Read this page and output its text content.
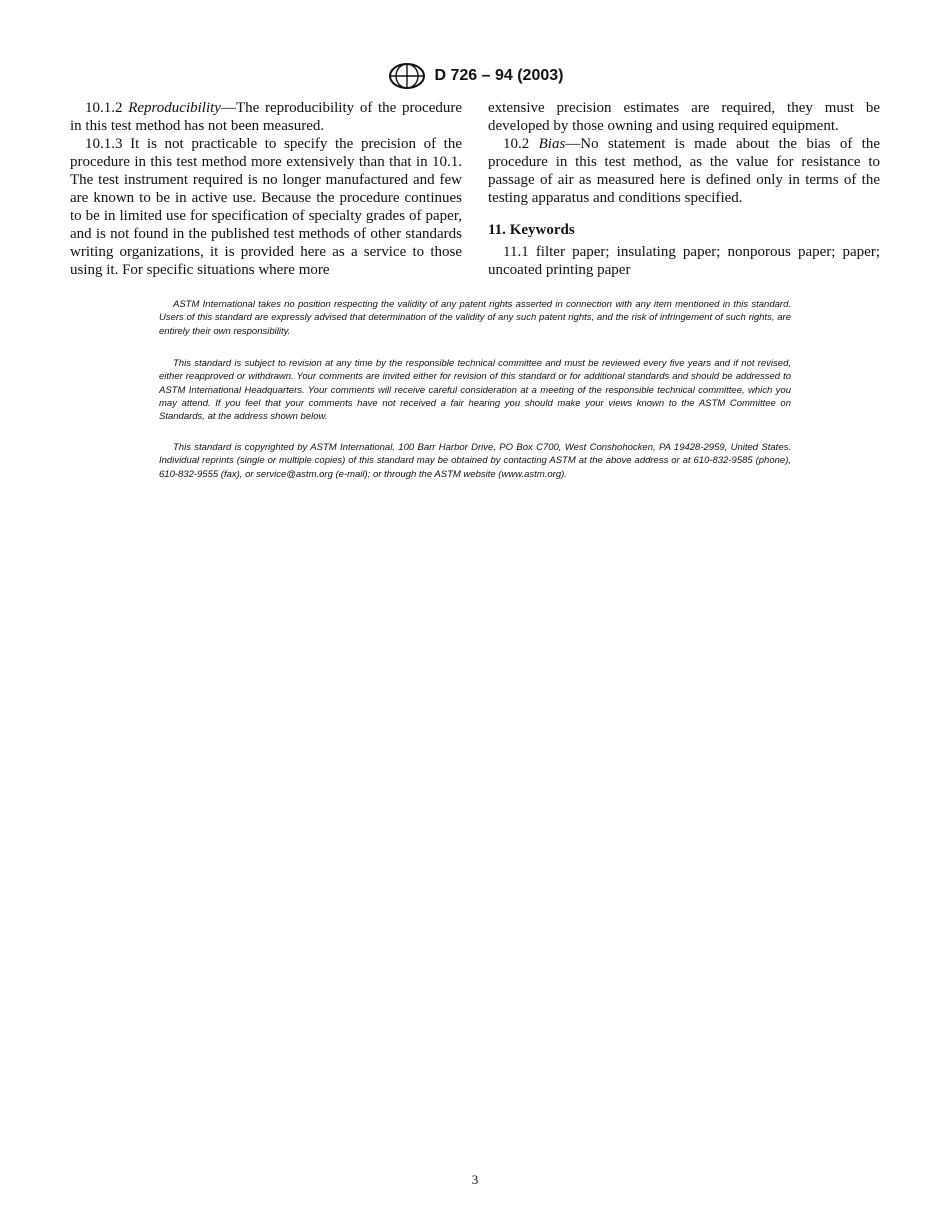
D 726 – 94 (2003)

10.1.2 Reproducibility—The reproducibility of the procedure in this test method has not been measured.

10.1.3 It is not practicable to specify the precision of the procedure in this test method more extensively than that in 10.1. The test instrument required is no longer manufactured and few are known to be in active use. Because the procedure continues to be in limited use for specification of specialty grades of paper, and is not found in the published test methods of other standards writing organizations, it is provided here as a service to those using it. For specific situations where more

extensive precision estimates are required, they must be developed by those owning and using required equipment.

10.2 Bias—No statement is made about the bias of the procedure in this test method, as the value for resistance to passage of air as measured here is defined only in terms of the testing apparatus and conditions specified.

11. Keywords

11.1 filter paper; insulating paper; nonporous paper; paper; uncoated printing paper

ASTM International takes no position respecting the validity of any patent rights asserted in connection with any item mentioned in this standard. Users of this standard are expressly advised that determination of the validity of any such patent rights, and the risk of infringement of such rights, are entirely their own responsibility.

This standard is subject to revision at any time by the responsible technical committee and must be reviewed every five years and if not revised, either reapproved or withdrawn. Your comments are invited either for revision of this standard or for additional standards and should be addressed to ASTM International Headquarters. Your comments will receive careful consideration at a meeting of the responsible technical committee, which you may attend. If you feel that your comments have not received a fair hearing you should make your views known to the ASTM Committee on Standards, at the address shown below.

This standard is copyrighted by ASTM International, 100 Barr Harbor Drive, PO Box C700, West Conshohocken, PA 19428-2959, United States. Individual reprints (single or multiple copies) of this standard may be obtained by contacting ASTM at the above address or at 610-832-9585 (phone), 610-832-9555 (fax), or service@astm.org (e-mail); or through the ASTM website (www.astm.org).

3
